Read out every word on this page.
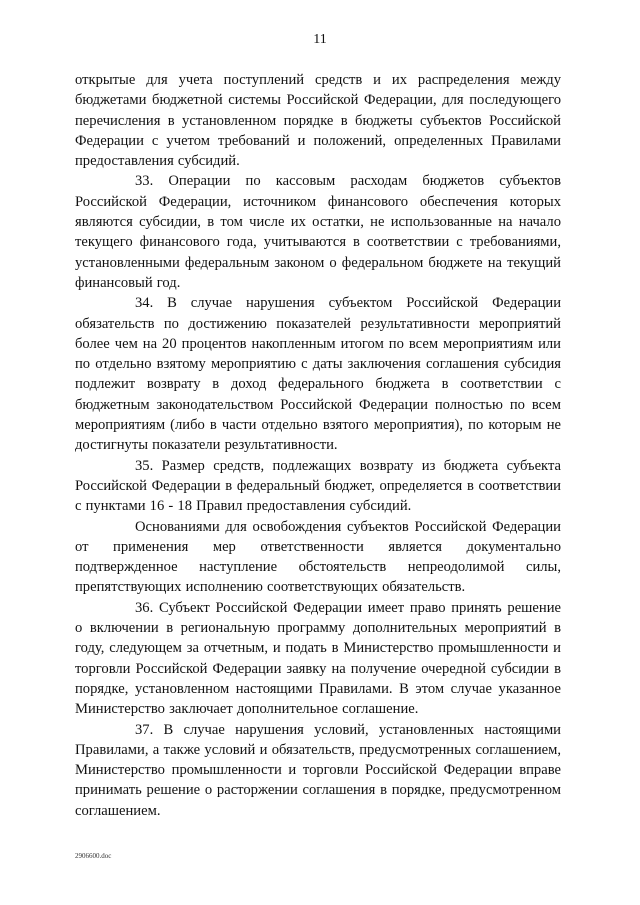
11

открытые для учета поступлений средств и их распределения между бюджетами бюджетной системы Российской Федерации, для последующего перечисления в установленном порядке в бюджеты субъектов Российской Федерации с учетом требований и положений, определенных Правилами предоставления субсидий.

33. Операции по кассовым расходам бюджетов субъектов Российской Федерации, источником финансового обеспечения которых являются субсидии, в том числе их остатки, не использованные на начало текущего финансового года, учитываются в соответствии с требованиями, установленными федеральным законом о федеральном бюджете на текущий финансовый год.

34. В случае нарушения субъектом Российской Федерации обязательств по достижению показателей результативности мероприятий более чем на 20 процентов накопленным итогом по всем мероприятиям или по отдельно взятому мероприятию с даты заключения соглашения субсидия подлежит возврату в доход федерального бюджета в соответствии с бюджетным законодательством Российской Федерации полностью по всем мероприятиям (либо в части отдельно взятого мероприятия), по которым не достигнуты показатели результативности.

35. Размер средств, подлежащих возврату из бюджета субъекта Российской Федерации в федеральный бюджет, определяется в соответствии с пунктами 16 - 18 Правил предоставления субсидий.

Основаниями для освобождения субъектов Российской Федерации от применения мер ответственности является документально подтвержденное наступление обстоятельств непреодолимой силы, препятствующих исполнению соответствующих обязательств.

36. Субъект Российской Федерации имеет право принять решение о включении в региональную программу дополнительных мероприятий в году, следующем за отчетным, и подать в Министерство промышленности и торговли Российской Федерации заявку на получение очередной субсидии в порядке, установленном настоящими Правилами. В этом случае указанное Министерство заключает дополнительное соглашение.

37. В случае нарушения условий, установленных настоящими Правилами, а также условий и обязательств, предусмотренных соглашением, Министерство промышленности и торговли Российской Федерации вправе принимать решение о расторжении соглашения в порядке, предусмотренном соглашением.

2906600.doc
